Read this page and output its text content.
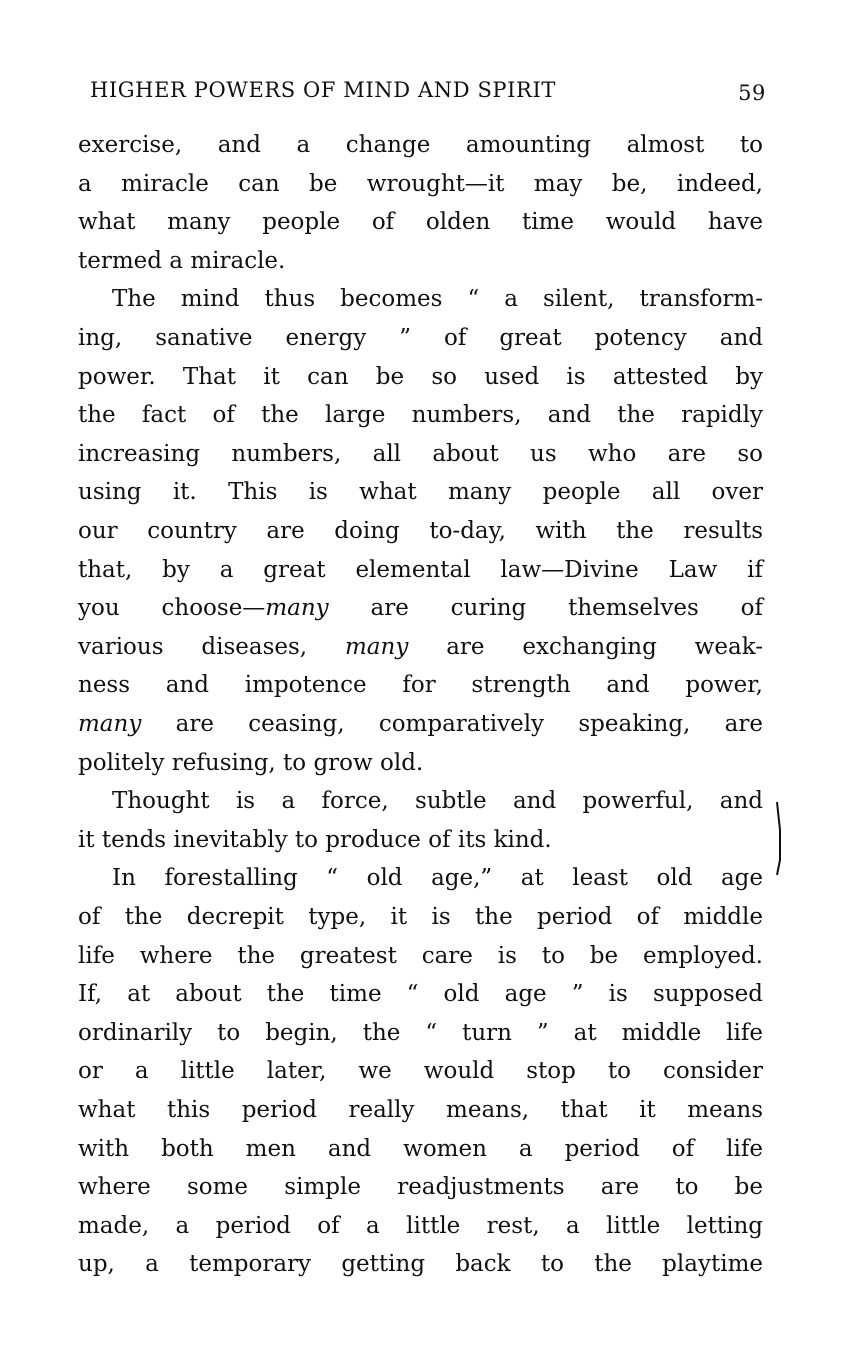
HIGHER POWERS OF MIND AND SPIRIT	59
exercise, and a change amounting almost to
a miracle can be wrought—it may be, indeed,
what many people of olden time would have
termed a miracle.
The mind thus becomes “ a silent, transform-
ing, sanative energy ” of great potency and
power. That it can be so used is attested by
the fact of the large numbers, and the rapidly
increasing numbers, all about us who are so
using it. This is what many people all over
our country are doing to-day, with the results
that, by a great elemental law—Divine Law if
you choose—many are curing themselves of
various diseases, many are exchanging weak-
ness and impotence for strength and power,
many are ceasing, comparatively speaking, are
politely refusing, to grow old.
Thought is a force, subtle and powerful, and
it tends inevitably to produce of its kind.
In forestalling “ old age,” at least old age
of the decrepit type, it is the period of middle
life where the greatest care is to be employed.
If, at about the time “ old age ” is supposed
ordinarily to begin, the “ turn ” at middle life
or a little later, we would stop to consider
what this period really means, that it means
with both men and women a period of life
where some simple readjustments are to be
made, a period of a little rest, a little letting
up, a temporary getting back to the playtime
